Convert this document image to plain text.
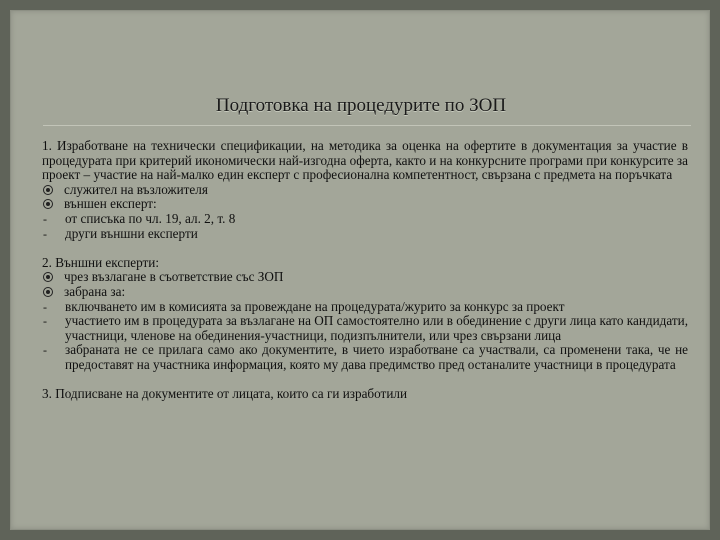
Подготовка на процедурите по ЗОП

1. Изработване на технически спецификации, на методика за оценка на офертите в документация за участие в процедурата при критерий икономически най-изгодна оферта, както и на конкурсните програми при конкурсите за проект – участие на най-малко един експерт с професионална компетентност, свързана с предмета на поръчката

служител на възложителя
външен експерт:
-	от списъка по чл. 19, ал. 2, т. 8
-	други външни експерти

2. Външни експерти:

чрез възлагане в съответствие със ЗОП
забрана за:
-	включването им в комисията за провеждане на процедурата/журито за конкурс за проект
-	участието им в процедурата за възлагане на ОП самостоятелно или в обединение с други лица като кандидати, участници, членове на обединения-участници, подизпълнители, или чрез свързани лица
-	забраната не се прилага само ако документите, в чието изработване са участвали, са променени така, че не предоставят на участника информация, която му дава предимство пред останалите участници в процедурата

3. Подписване на документите от лицата, които са ги изработили
